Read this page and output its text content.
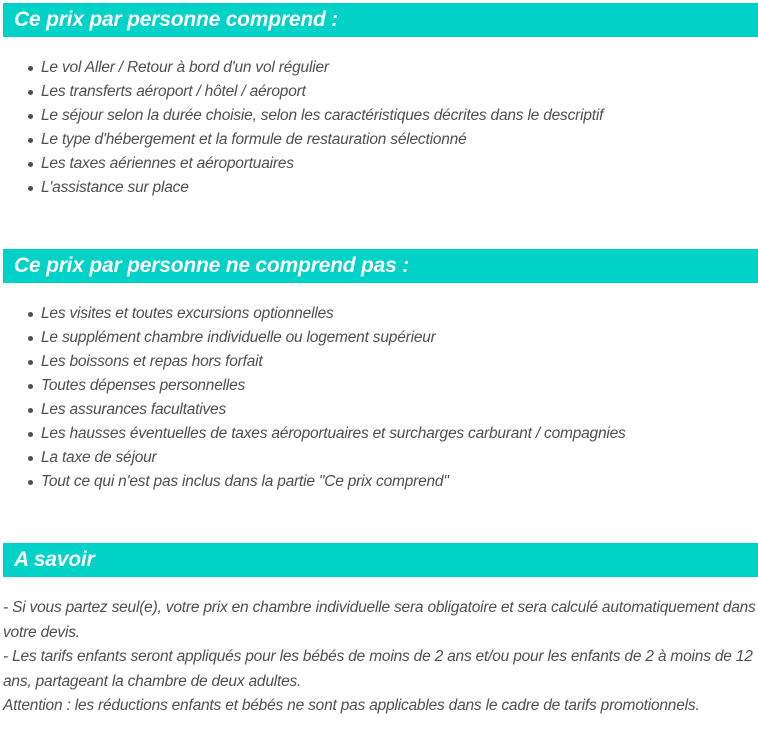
Ce prix par personne comprend :
Le vol Aller / Retour à bord d'un vol régulier
Les transferts aéroport / hôtel / aéroport
Le séjour selon la durée choisie, selon les caractéristiques décrites dans le descriptif
Le type d'hébergement et la formule de restauration sélectionné
Les taxes aériennes et aéroportuaires
L'assistance sur place
Ce prix par personne ne comprend pas :
Les visites et toutes excursions optionnelles
Le supplément chambre individuelle ou logement supérieur
Les boissons et repas hors forfait
Toutes dépenses personnelles
Les assurances facultatives
Les hausses éventuelles de taxes aéroportuaires et surcharges carburant / compagnies
La taxe de séjour
Tout ce qui n'est pas inclus dans la partie "Ce prix comprend"
A savoir

- Si vous partez seul(e), votre prix en chambre individuelle sera obligatoire et sera calculé automatiquement dans votre devis.

- Les tarifs enfants seront appliqués pour les bébés de moins de 2 ans et/ou pour les enfants de 2 à moins de 12 ans, partageant la chambre de deux adultes.

Attention : les réductions enfants et bébés ne sont pas applicables dans le cadre de tarifs promotionnels.
